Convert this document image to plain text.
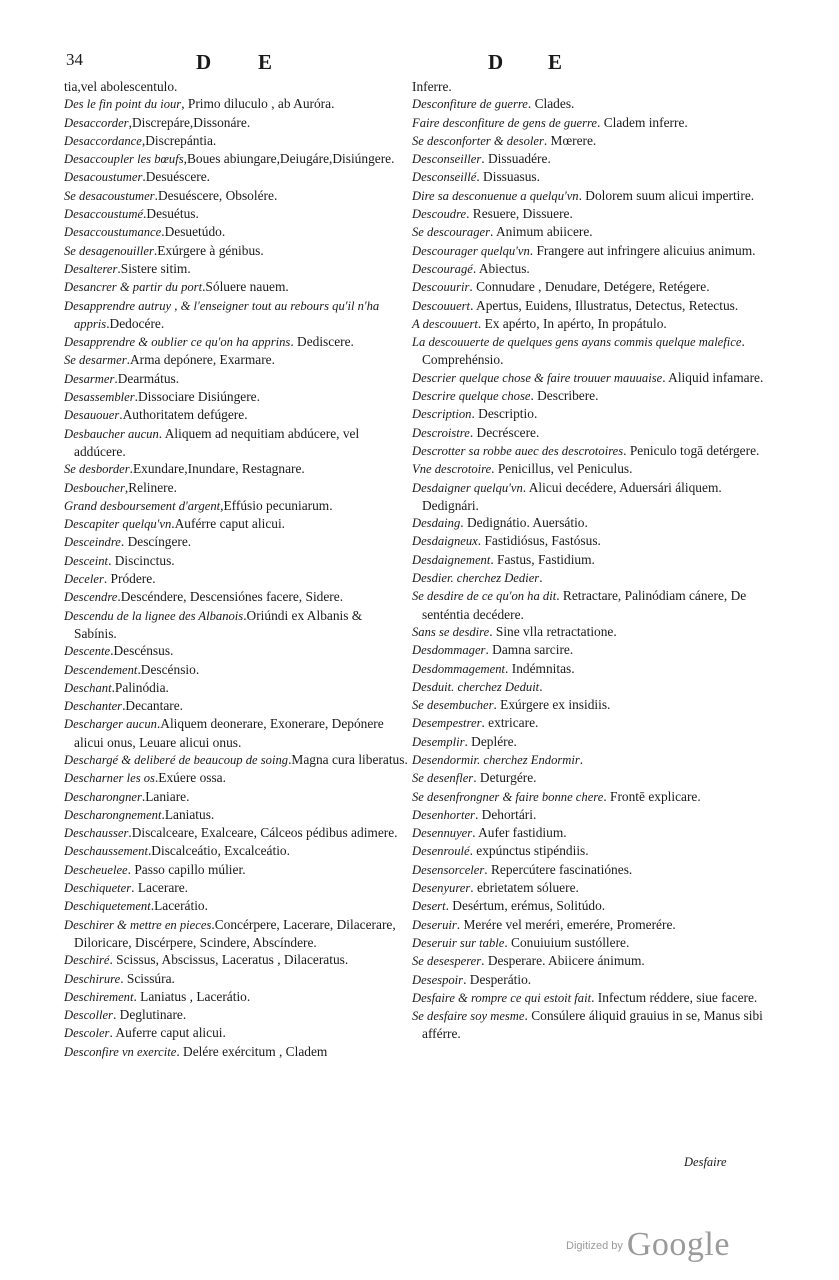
34	D E	D E

tia,vel abolescentulo.

Des le fin point du iour, Primo diluculo , ab Auróra.

Desaccorder,Discrepáre,Dissonáre.

Desaccordance,Discrepántia.

Desaccoupler les bœufs,Boues abiungare,Deiugáre,Disiúngere.

Desacoustumer.Desuéscere.

Se desacoustumer.Desuéscere, Obsolére.

Desaccoustumé.Desuétus.

Desaccoustumance.Desuetúdo.

Se desagenouiller.Exúrgere à génibus.

Desalterer.Sistere sitim.

Desancrer & partir du port.Sóluere nauem.

Desapprendre autruy , & l'enseigner tout au rebours qu'il n'ha appris.Dedocére.

Desapprendre & oublier ce qu'on ha apprins. Dediscere.

Se desarmer.Arma depónere, Exarmare.

Desarmer.Dearmátus.

Desassembler.Dissociare Disiúngere.

Desauouer.Authoritatem defúgere.

Desbaucher aucun. Aliquem ad nequitiam abdúcere, vel addúcere.

Se desborder.Exundare,Inundare, Restagnare.

Desboucher,Relinere.

Grand desboursement d'argent,Effúsio pecuniarum.

Descapiter quelqu'vn.Auférre caput alicui.

Desceindre. Descíngere.

Desceint. Discinctus.

Deceler. Pródere.

Descendre.Descéndere, Descensiónes facere, Sidere.

Descendu de la lignee des Albanois.Oriúndi ex Albanis & Sabínis.

Descente.Descénsus.

Descendement.Descénsio.

Deschant.Palinódia.

Deschanter.Decantare.

Descharger aucun.Aliquem deonerare, Exonerare, Depónere alicui onus, Leuare alicui onus.

Deschargé & deliberé de beaucoup de soing.Magna cura liberatus.

Descharner les os.Exúere ossa.

Descharongner.Laniare.

Descharongnement.Laniatus.

Deschausser.Discalceare, Exalceare, Cálceos pédibus adimere.

Deschaussement.Discalceátio, Excalceátio.

Descheuelee. Passo capillo múlier.

Deschiqueter. Lacerare.

Deschiquetement.Lacerátio.

Deschirer & mettre en pieces.Concérpere, Lacerare, Dilacerare, Diloricare, Discérpere, Scindere, Abscíndere.

Deschiré. Scissus, Abscissus, Laceratus , Dilaceratus.

Deschirure. Scissúra.

Deschirement. Laniatus , Lacerátio.

Descoller. Deglutinare.

Descoler. Auferre caput alicui.

Desconfire vn exercite. Delére exércitum , Cladem

Inferre.

Desconfiture de guerre. Clades.

Faire desconfiture de gens de guerre. Cladem inferre.

Se desconforter & desoler. Mœrere.

Desconseiller. Dissuadére.

Desconseillé. Dissuasus.

Dire sa desconuenue a quelqu'vn. Dolorem suum alicui impertire.

Descoudre. Resuere, Dissuere.

Se descourager. Animum abiicere.

Descourager quelqu'vn. Frangere aut infringere alicuius animum.

Descouragé. Abiectus.

Descouurir. Connudare , Denudare, Detégere, Retégere.

Descouuert. Apertus, Euidens, Illustratus, Detectus, Retectus.

A descouuert. Ex apérto, In apérto, In propátulo.

La descouuerte de quelques gens ayans commis quelque malefice. Comprehénsio.

Descrier quelque chose & faire trouuer mauuaise. Aliquid infamare.

Descrire quelque chose. Describere.

Description. Descriptio.

Descroistre. Decréscere.

Descrotter sa robbe auec des descrotoires. Peniculo togā detérgere.

Vne descrotoire. Penicillus, vel Peniculus.

Desdaigner quelqu'vn. Alicui decédere, Aduersári áliquem. Dedignári.

Desdaing. Dedignátio. Auersátio.

Desdaigneux. Fastidiósus, Fastósus.

Desdaignement. Fastus, Fastidium.

Desdier. cherchez Dedier.

Se desdire de ce qu'on ha dit. Retractare, Palinódiam cánere, De senténtia decédere.

Sans se desdire. Sine vlla retractatione.

Desdommager. Damna sarcire.

Desdommagement. Indémnitas.

Desduit. cherchez Deduit.

Se desembucher. Exúrgere ex insidiis.

Desempestrer. extricare.

Desemplir. Deplére.

Desendormir. cherchez Endormir.

Se desenfler. Deturgére.

Se desenfrongner & faire bonne chere. Frontē explicare.

Desenhorter. Dehortári.

Desennuyer. Aufer fastidium.

Desenroulé. expúnctus stipéndiis.

Desensorceler. Repercútere fascinatiónes.

Desenyurer. ebrietatem sóluere.

Desert. Desértum, erémus, Solitúdo.

Deseruir. Merére vel meréri, emerére, Promerére.

Deseruir sur table. Conuiuium sustóllere.

Se desesperer. Desperare. Abiicere ánimum.

Desespoir. Desperátio.

Desfaire & rompre ce qui estoit fait. Infectum réddere, siue facere.

Se desfaire soy mesme. Consúlere áliquid grauius in se, Manus sibi afférre.

Desfaire
Digitized by Google
